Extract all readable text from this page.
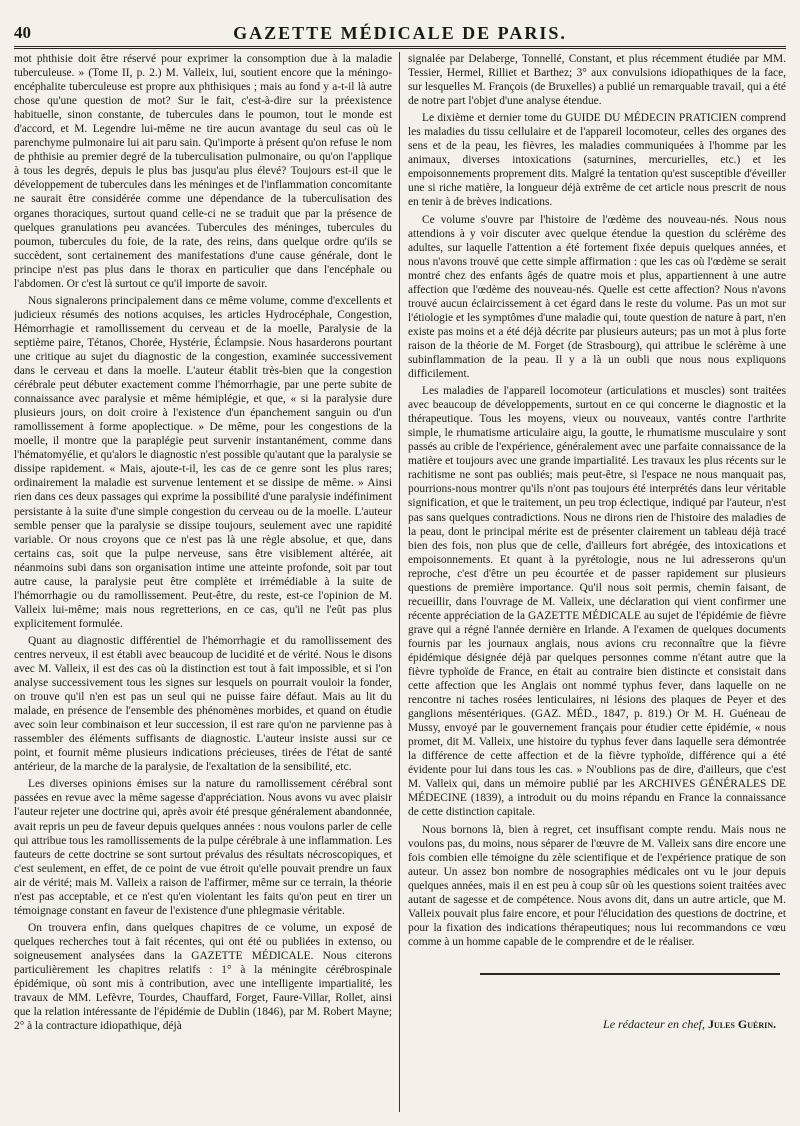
40	GAZETTE MÉDICALE DE PARIS.

mot phthisie doit être réservé pour exprimer la consomption due à la maladie tuberculeuse. » (Tome II, p. 2.) M. Valleix, lui, soutient encore que la méningo-encéphalite tuberculeuse est propre aux phthisiques ; mais au fond y a-t-il là autre chose qu'une question de mot? Sur le fait, c'est-à-dire sur la préexistence habituelle, sinon constante, de tubercules dans le poumon, tout le monde est d'accord, et M. Legendre lui-même ne tire aucun avantage du seul cas où le parenchyme pulmonaire lui ait paru sain. Qu'importe à présent qu'on refuse le nom de phthisie au premier degré de la tuberculisation pulmonaire, ou qu'on l'applique à tous les degrés, depuis le plus bas jusqu'au plus élevé? Toujours est-il que le développement de tubercules dans les méninges et de l'inflammation concomitante ne saurait être considérée comme une dépendance de la tuberculisation des organes thoraciques, surtout quand celle-ci ne se traduit que par la présence de quelques granulations peu avancées. Tubercules des méninges, tubercules du poumon, tubercules du foie, de la rate, des reins, dans quelque ordre qu'ils se succèdent, sont certainement des manifestations d'une cause générale, dont le principe n'est pas plus dans le thorax en particulier que dans l'encéphale ou l'abdomen. Or c'est là surtout ce qu'il importe de savoir.

Nous signalerons principalement dans ce même volume, comme d'excellents et judicieux résumés des notions acquises, les articles Hydrocéphale, Congestion, Hémorrhagie et ramollissement du cerveau et de la moelle, Paralysie de la septième paire, Tétanos, Chorée, Hystérie, Éclampsie. Nous hasarderons pourtant une critique au sujet du diagnostic de la congestion, examinée successivement dans le cerveau et dans la moelle. L'auteur établit très-bien que la congestion cérébrale peut débuter exactement comme l'hémorrhagie, par une perte subite de connaissance avec paralysie et même hémiplégie, et que, « si la paralysie dure plusieurs jours, on doit croire à l'existence d'un épanchement sanguin ou d'un ramollissement à forme apoplectique. » De même, pour les congestions de la moelle, il montre que la paraplégie peut survenir instantanément, comme dans l'hématomyélie, et qu'alors le diagnostic n'est possible qu'autant que la paralysie se dissipe rapidement. « Mais, ajoute-t-il, les cas de ce genre sont les plus rares; ordinairement la maladie est survenue lentement et se dissipe de même. » Ainsi rien dans ces deux passages qui exprime la possibilité d'une paralysie indéfiniment persistante à la suite d'une simple congestion du cerveau ou de la moelle. L'auteur semble penser que la paralysie se dissipe toujours, seulement avec une rapidité variable. Or nous croyons que ce n'est pas là une règle absolue, et que, dans certains cas, soit que la pulpe nerveuse, sans être visiblement altérée, ait néanmoins subi dans son organisation intime une atteinte profonde, soit par tout autre cause, la paralysie peut être complète et irrémédiable à la suite de l'hémorrhagie ou du ramollissement. Peut-être, du reste, est-ce l'opinion de M. Valleix lui-même; mais nous regretterions, en ce cas, qu'il ne l'eût pas plus explicitement formulée.

Quant au diagnostic différentiel de l'hémorrhagie et du ramollissement des centres nerveux, il est établi avec beaucoup de lucidité et de vérité. Nous le disons avec M. Valleix, il est des cas où la distinction est tout à fait impossible, et si l'on analyse successivement tous les signes sur lesquels on pourrait vouloir la fonder, on trouve qu'il n'en est pas un seul qui ne puisse faire défaut. Mais au lit du malade, en présence de l'ensemble des phénomènes morbides, et quand on étudie avec soin leur combinaison et leur succession, il est rare qu'on ne parvienne pas à rassembler des éléments suffisants de diagnostic. L'auteur insiste aussi sur ce point, et fournit même plusieurs indications précieuses, tirées de l'état de santé antérieur, de la marche de la paralysie, de l'exaltation de la sensibilité, etc.

Les diverses opinions émises sur la nature du ramollissement cérébral sont passées en revue avec la même sagesse d'appréciation. Nous avons vu avec plaisir l'auteur rejeter une doctrine qui, après avoir été presque généralement abandonnée, avait repris un peu de faveur depuis quelques années : nous voulons parler de celle qui attribue tous les ramollissements de la pulpe cérébrale à une inflammation. Les fauteurs de cette doctrine se sont surtout prévalus des résultats nécroscopiques, et c'est seulement, en effet, de ce point de vue étroit qu'elle pouvait prendre un faux air de vérité; mais M. Valleix a raison de l'affirmer, même sur ce terrain, la théorie n'est pas acceptable, et ce n'est qu'en violentant les faits qu'on peut en tirer un témoignage constant en faveur de l'existence d'une phlegmasie véritable.

On trouvera enfin, dans quelques chapitres de ce volume, un exposé de quelques recherches tout à fait récentes, qui ont été ou publiées in extenso, ou soigneusement analysées dans la GAZETTE MÉDICALE. Nous citerons particulièrement les chapitres relatifs : 1° à la méningite cérébrospinale épidémique, où sont mis à contribution, avec une intelligente impartialité, les travaux de MM. Lefèvre, Tourdes, Chauffard, Forget, Faure-Villar, Rollet, ainsi que la relation intéressante de l'épidémie de Dublin (1846), par M. Robert Mayne; 2° à la contracture idiopathique, déjà

signalée par Delaberge, Tonnellé, Constant, et plus récemment étudiée par MM. Tessier, Hermel, Rilliet et Barthez; 3° aux convulsions idiopathiques de la face, sur lesquelles M. François (de Bruxelles) a publié un remarquable travail, qui a été de notre part l'objet d'une analyse étendue.

Le dixième et dernier tome du GUIDE DU MÉDECIN PRATICIEN comprend les maladies du tissu cellulaire et de l'appareil locomoteur, celles des organes des sens et de la peau, les fièvres, les maladies communiquées à l'homme par les animaux, diverses intoxications (saturnines, mercurielles, etc.) et les empoisonnements proprement dits. Malgré la tentation qu'est susceptible d'éveiller une si riche matière, la longueur déjà extrême de cet article nous prescrit de nous en tenir à de brèves indications.

Ce volume s'ouvre par l'histoire de l'œdème des nouveau-nés. Nous nous attendions à y voir discuter avec quelque étendue la question du sclérème des adultes, sur laquelle l'attention a été fortement fixée depuis quelques années, et nous n'avons trouvé que cette simple affirmation : que les cas où l'œdème se serait montré chez des enfants âgés de quatre mois et plus, appartiennent à une autre affection que l'œdème des nouveau-nés. Quelle est cette affection? Nous n'avons trouvé aucun éclaircissement à cet égard dans le reste du volume. Pas un mot sur l'étiologie et les symptômes d'une maladie qui, toute question de nature à part, n'en existe pas moins et a été déjà décrite par plusieurs auteurs; pas un mot à plus forte raison de la théorie de M. Forget (de Strasbourg), qui attribue le sclérème à une subinflammation de la peau. Il y a là un oubli que nous nous expliquons difficilement.

Les maladies de l'appareil locomoteur (articulations et muscles) sont traitées avec beaucoup de développements, surtout en ce qui concerne le diagnostic et la thérapeutique. Tous les moyens, vieux ou nouveaux, vantés contre l'arthrite simple, le rhumatisme articulaire aigu, la goutte, le rhumatisme musculaire y sont passés au crible de l'expérience, généralement avec une parfaite connaissance de la matière et toujours avec une grande impartialité. Les travaux les plus récents sur le rachitisme ne sont pas oubliés; mais peut-être, si l'espace ne nous manquait pas, pourrions-nous montrer qu'ils n'ont pas toujours été interprétés dans leur véritable signification, et que le traitement, un peu trop éclectique, indiqué par l'auteur, n'est pas sans quelques contradictions. Nous ne dirons rien de l'histoire des maladies de la peau, dont le principal mérite est de présenter clairement un tableau déjà tracé bien des fois, non plus que de celle, d'ailleurs fort abrégée, des intoxications et empoisonnements. Et quant à la pyrétologie, nous ne lui adresserons qu'un reproche, c'est d'être un peu écourtée et de passer rapidement sur plusieurs questions de première importance. Qu'il nous soit permis, chemin faisant, de recueillir, dans l'ouvrage de M. Valleix, une déclaration qui vient confirmer une récente appréciation de la GAZETTE MÉDICALE au sujet de l'épidémie de fièvre grave qui a régné l'année dernière en Irlande. A l'examen de quelques documents fournis par les journaux anglais, nous avions cru reconnaître que la fièvre épidémique désignée déjà par quelques personnes comme n'étant autre que la fièvre typhoïde de France, en était au contraire bien distincte et consistait dans cette affection que les Anglais ont nommé typhus fever, dans laquelle on ne rencontre ni taches rosées lenticulaires, ni lésions des plaques de Peyer et des ganglions mésentériques. (GAZ. MÉD., 1847, p. 819.) Or M. H. Guéneau de Mussy, envoyé par le gouvernement français pour étudier cette épidémie, « nous promet, dit M. Valleix, une histoire du typhus fever dans laquelle sera démontrée la différence de cette affection et de la fièvre typhoïde, différence qui a été évidente pour lui dans tous les cas. » N'oublions pas de dire, d'ailleurs, que c'est M. Valleix qui, dans un mémoire publié par les ARCHIVES GÉNÉRALES DE MÉDECINE (1839), a introduit ou du moins répandu en France la connaissance de cette distinction capitale.

Nous bornons là, bien à regret, cet insuffisant compte rendu. Mais nous ne voulons pas, du moins, nous séparer de l'œuvre de M. Valleix sans dire encore une fois combien elle témoigne du zèle scientifique et de l'expérience pratique de son auteur. Un assez bon nombre de nosographies médicales ont vu le jour depuis quelques années, mais il en est peu à coup sûr où les questions soient traitées avec autant de sagesse et de compétence. Nous avons dit, dans un autre article, que M. Valleix pouvait plus faire encore, et pour l'élucidation des questions de doctrine, et pour la fixation des indications thérapeutiques; nous lui recommandons ce vœu comme à un homme capable de le comprendre et de le réaliser.

Le rédacteur en chef, Jules Guérin.
